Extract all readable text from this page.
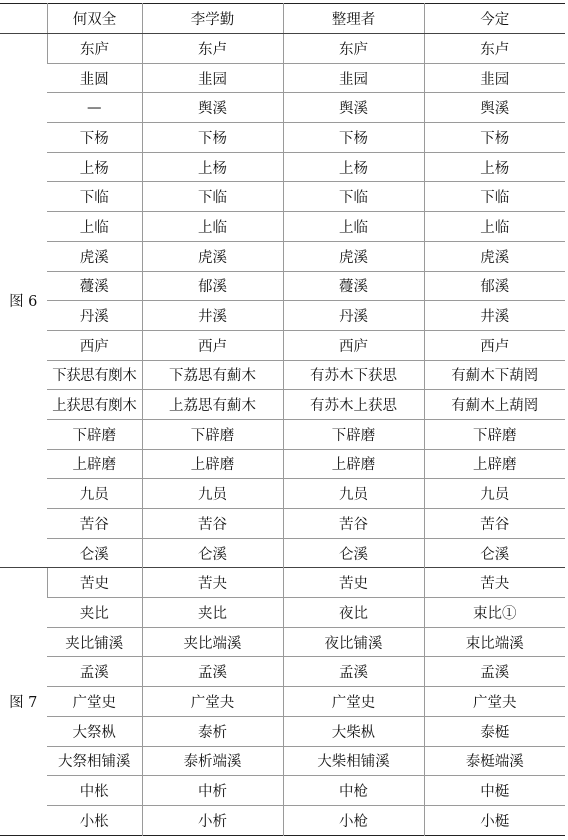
	何双全	李学勤	整理者	今定
图 6	东庐	东卢	东庐	东卢
	韭圆	韭园	韭园	韭园
	—	舆溪	舆溪	舆溪
	下杨	下杨	下杨	下杨
	上杨	上杨	上杨	上杨
	下临	下临	下临	下临
	上临	上临	上临	上临
	虎溪	虎溪	虎溪	虎溪
	蘉溪	郁溪	蘉溪	郁溪
	丹溪	井溪	丹溪	井溪
	西庐	西卢	西庐	西卢
	下获思有剫木	下荔思有薊木	有苏木下获思	有薊木下葫罔
	上获思有剫木	上荔思有薊木	有苏木上获思	有薊木上葫罔
	下辟磨	下辟磨	下辟磨	下辟磨
	上辟磨	上辟磨	上辟磨	上辟磨
	九员	九员	九员	九员
	苦谷	苦谷	苦谷	苦谷
	仑溪	仑溪	仑溪	仑溪
图 7	苦史	苦夬	苦史	苦夬
	夹比	夹比	夜比	束比①
	夹比铺溪	夹比端溪	夜比铺溪	束比端溪
	孟溪	孟溪	孟溪	孟溪
	广堂史	广堂夬	广堂史	广堂夬
	大祭枞	泰析	大柴枞	泰梃
	大祭相铺溪	泰析端溪	大柴相铺溪	泰梃端溪
	中枨	中析	中枪	中梃
	小枨	小析	小枪	小梃
